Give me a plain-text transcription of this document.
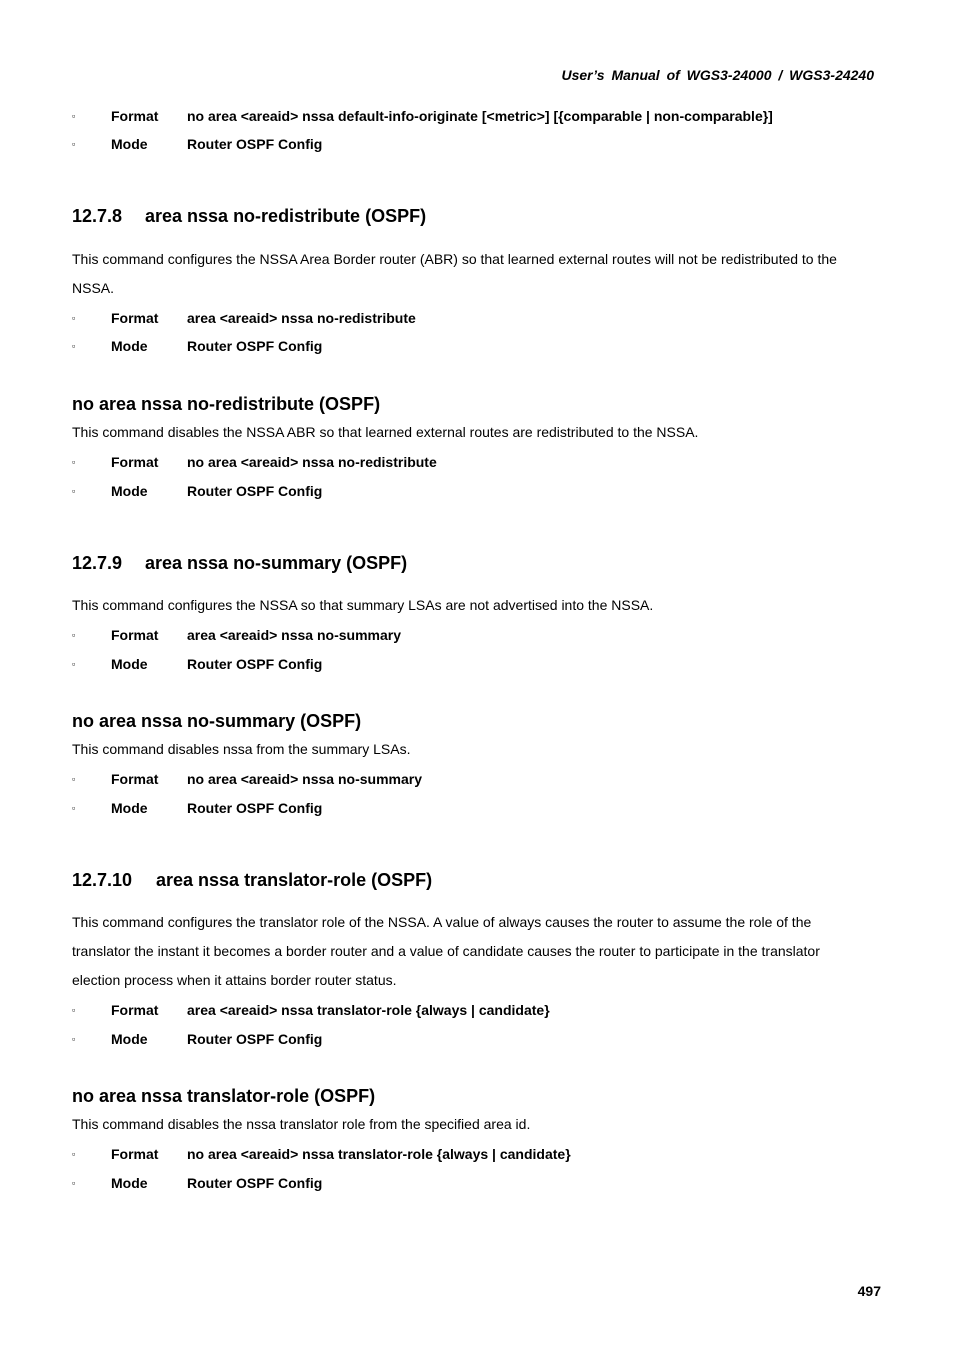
User’s Manual of WGS3-24000 / WGS3-24240
▫	Format no area <areaid> nssa default-info-originate [<metric>] [{comparable | non-comparable}]
▫	Mode	Router OSPF Config
12.7.8 area nssa no-redistribute (OSPF)
This command configures the NSSA Area Border router (ABR) so that learned external routes will not be redistributed to the NSSA.
▫	Format area <areaid> nssa no-redistribute
▫	Mode	Router OSPF Config
no area nssa no-redistribute (OSPF)
This command disables the NSSA ABR so that learned external routes are redistributed to the NSSA.
▫	Format no area <areaid> nssa no-redistribute
▫	Mode	Router OSPF Config
12.7.9 area nssa no-summary (OSPF)
This command configures the NSSA so that summary LSAs are not advertised into the NSSA.
▫	Format area <areaid> nssa no-summary
▫	Mode	Router OSPF Config
no area nssa no-summary (OSPF)
This command disables nssa from the summary LSAs.
▫	Format no area <areaid> nssa no-summary
▫	Mode	Router OSPF Config
12.7.10 area nssa translator-role (OSPF)
This command configures the translator role of the NSSA. A value of always causes the router to assume the role of the translator the instant it becomes a border router and a value of candidate causes the router to participate in the translator election process when it attains border router status.
▫	Format area <areaid> nssa translator-role {always | candidate}
▫	Mode	Router OSPF Config
no area nssa translator-role (OSPF)
This command disables the nssa translator role from the specified area id.
▫	Format no area <areaid> nssa translator-role {always | candidate}
▫	Mode	Router OSPF Config
497
